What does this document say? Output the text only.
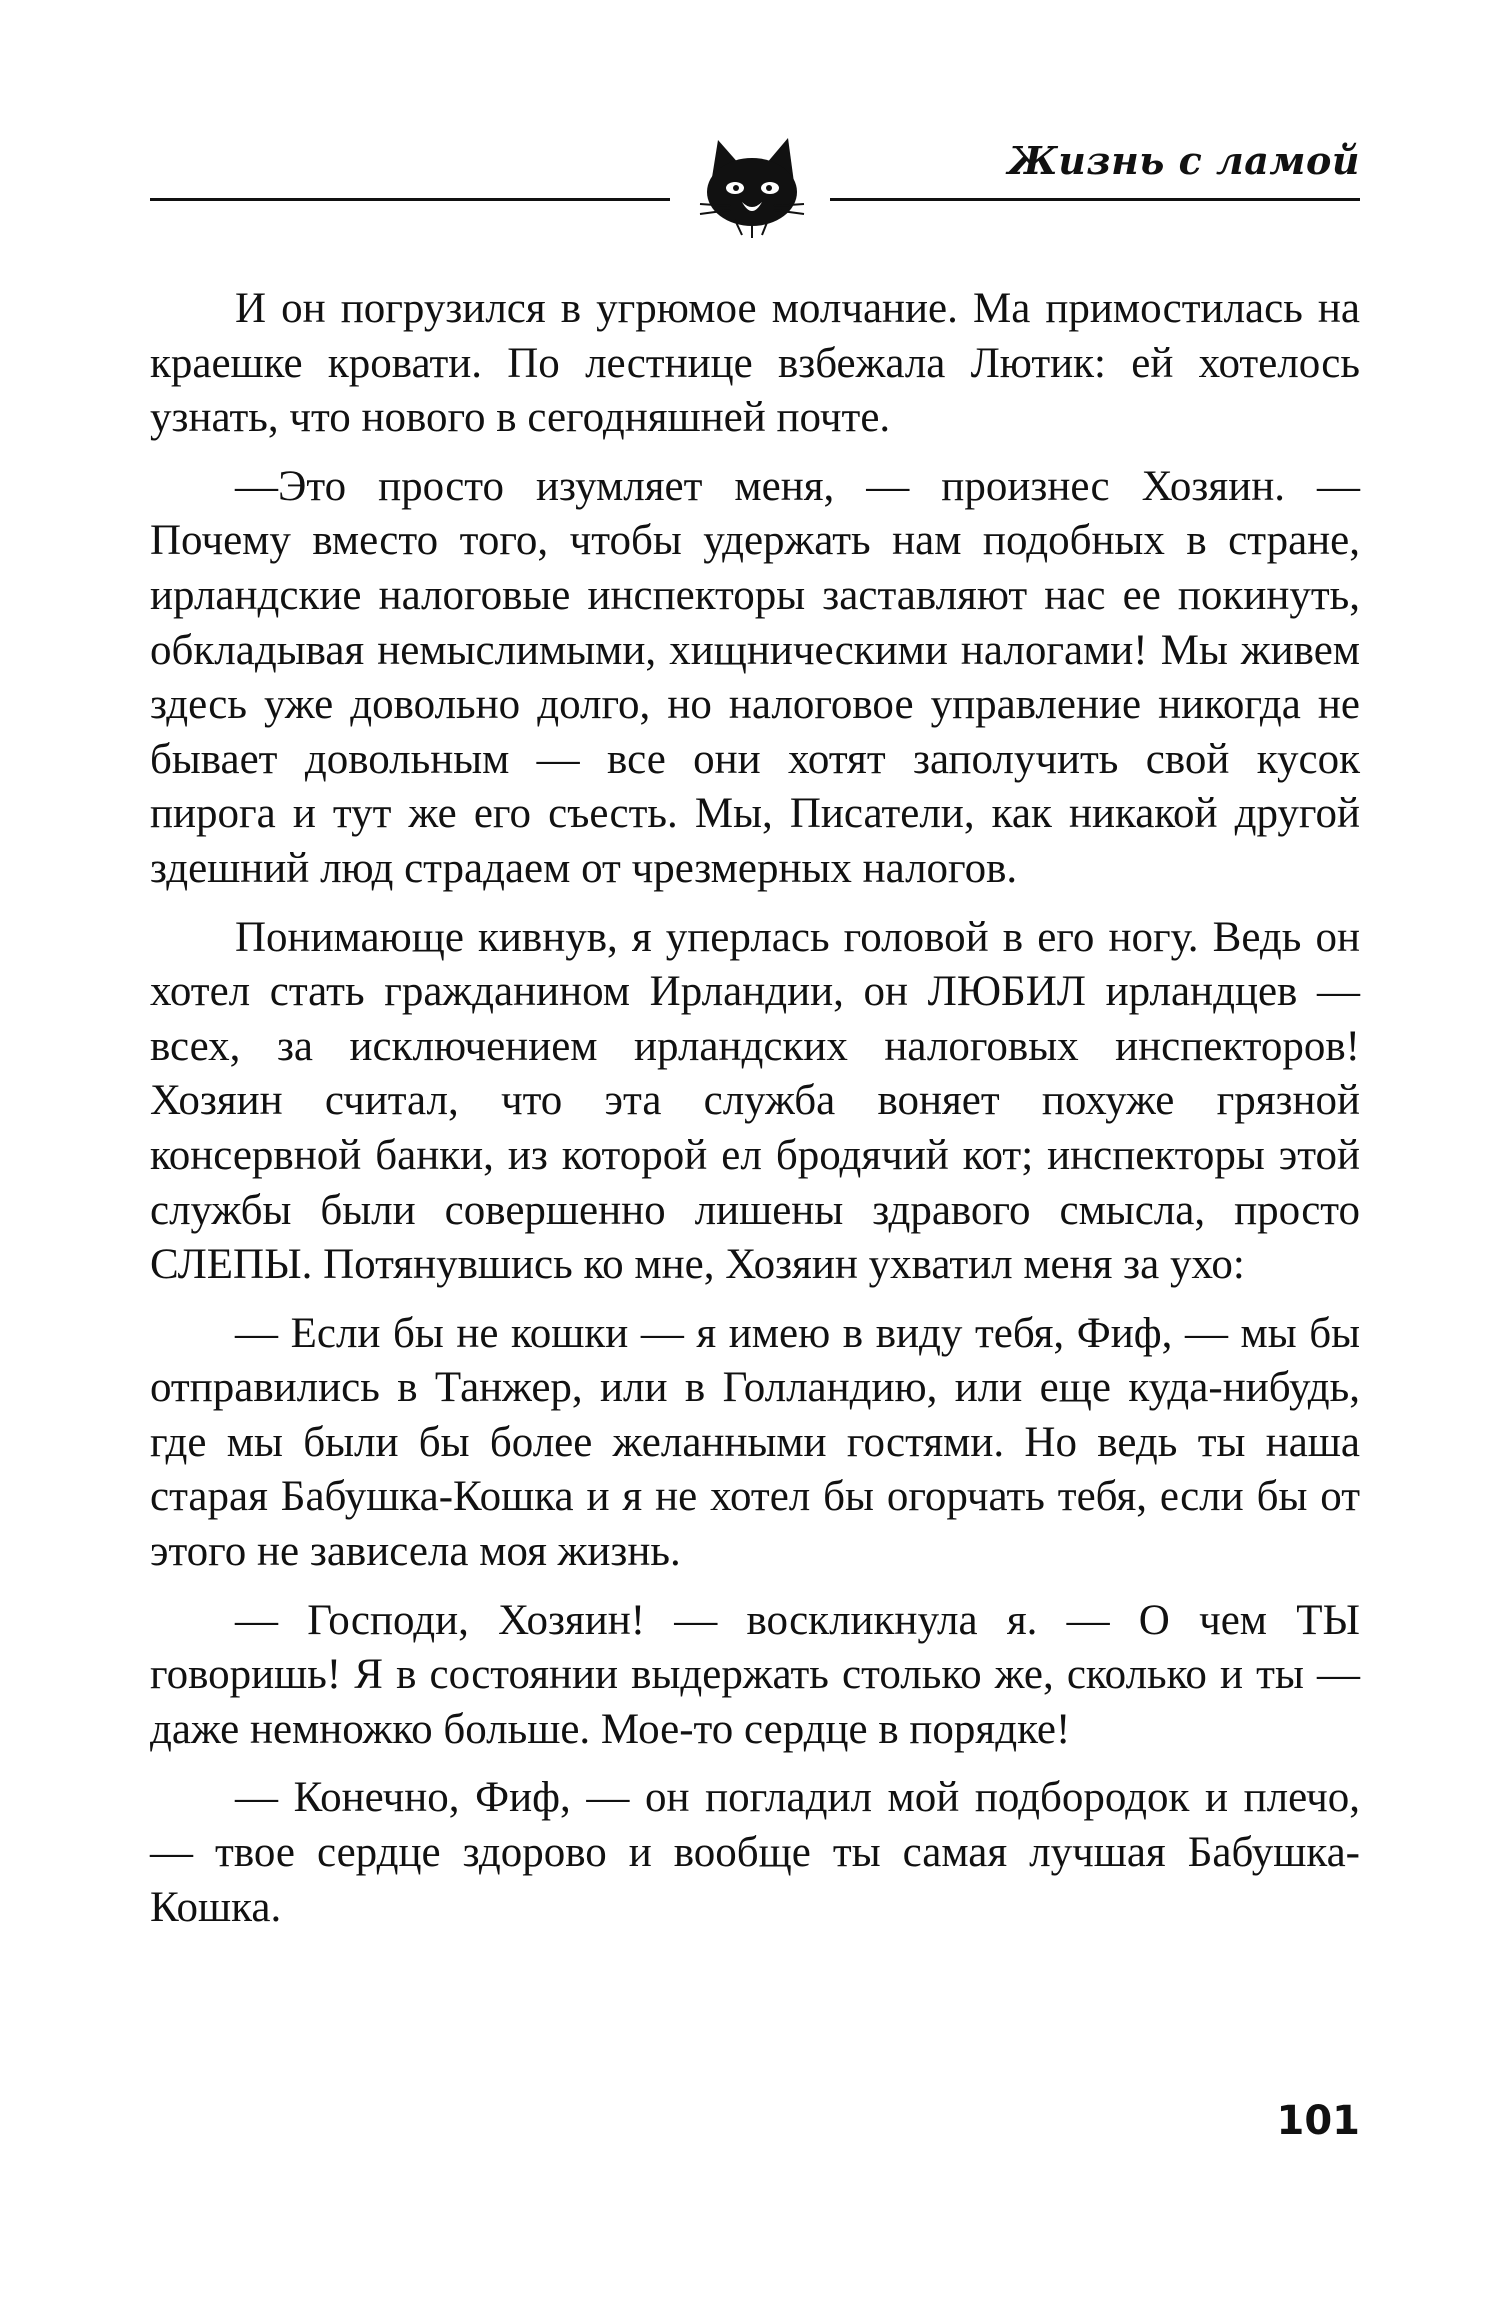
Жизнь с ламой

И он погрузился в угрюмое молчание. Ма примостилась на краешке кровати. По лестнице взбежала Лютик: ей хотелось узнать, что нового в сегодняшней почте.

—Это просто изумляет меня, — произнес Хозяин. — Почему вместо того, чтобы удержать нам подобных в стране, ирландские налоговые инспекторы заставляют нас ее покинуть, обкладывая немыслимыми, хищническими налогами! Мы живем здесь уже довольно долго, но налоговое управление никогда не бывает довольным — все они хотят заполучить свой кусок пирога и тут же его съесть. Мы, Писатели, как никакой другой здешний люд страдаем от чрезмерных налогов.

Понимающе кивнув, я уперлась головой в его ногу. Ведь он хотел стать гражданином Ирландии, он ЛЮБИЛ ирландцев — всех, за исключением ирландских налоговых инспекторов! Хозяин считал, что эта служба воняет похуже грязной консервной банки, из которой ел бродячий кот; инспекторы этой службы были совершенно лишены здравого смысла, просто СЛЕПЫ. Потянувшись ко мне, Хозяин ухватил меня за ухо:

— Если бы не кошки — я имею в виду тебя, Фиф, — мы бы отправились в Танжер, или в Голландию, или еще куда-нибудь, где мы были бы более желанными гостями. Но ведь ты наша старая Бабушка-Кошка и я не хотел бы огорчать тебя, если бы от этого не зависела моя жизнь.

— Господи, Хозяин! — воскликнула я. — О чем ТЫ говоришь! Я в состоянии выдержать столько же, сколько и ты — даже немножко больше. Мое-то сердце в порядке!

— Конечно, Фиф, — он погладил мой подбородок и плечо, — твое сердце здорово и вообще ты самая лучшая Бабушка-Кошка.

101
